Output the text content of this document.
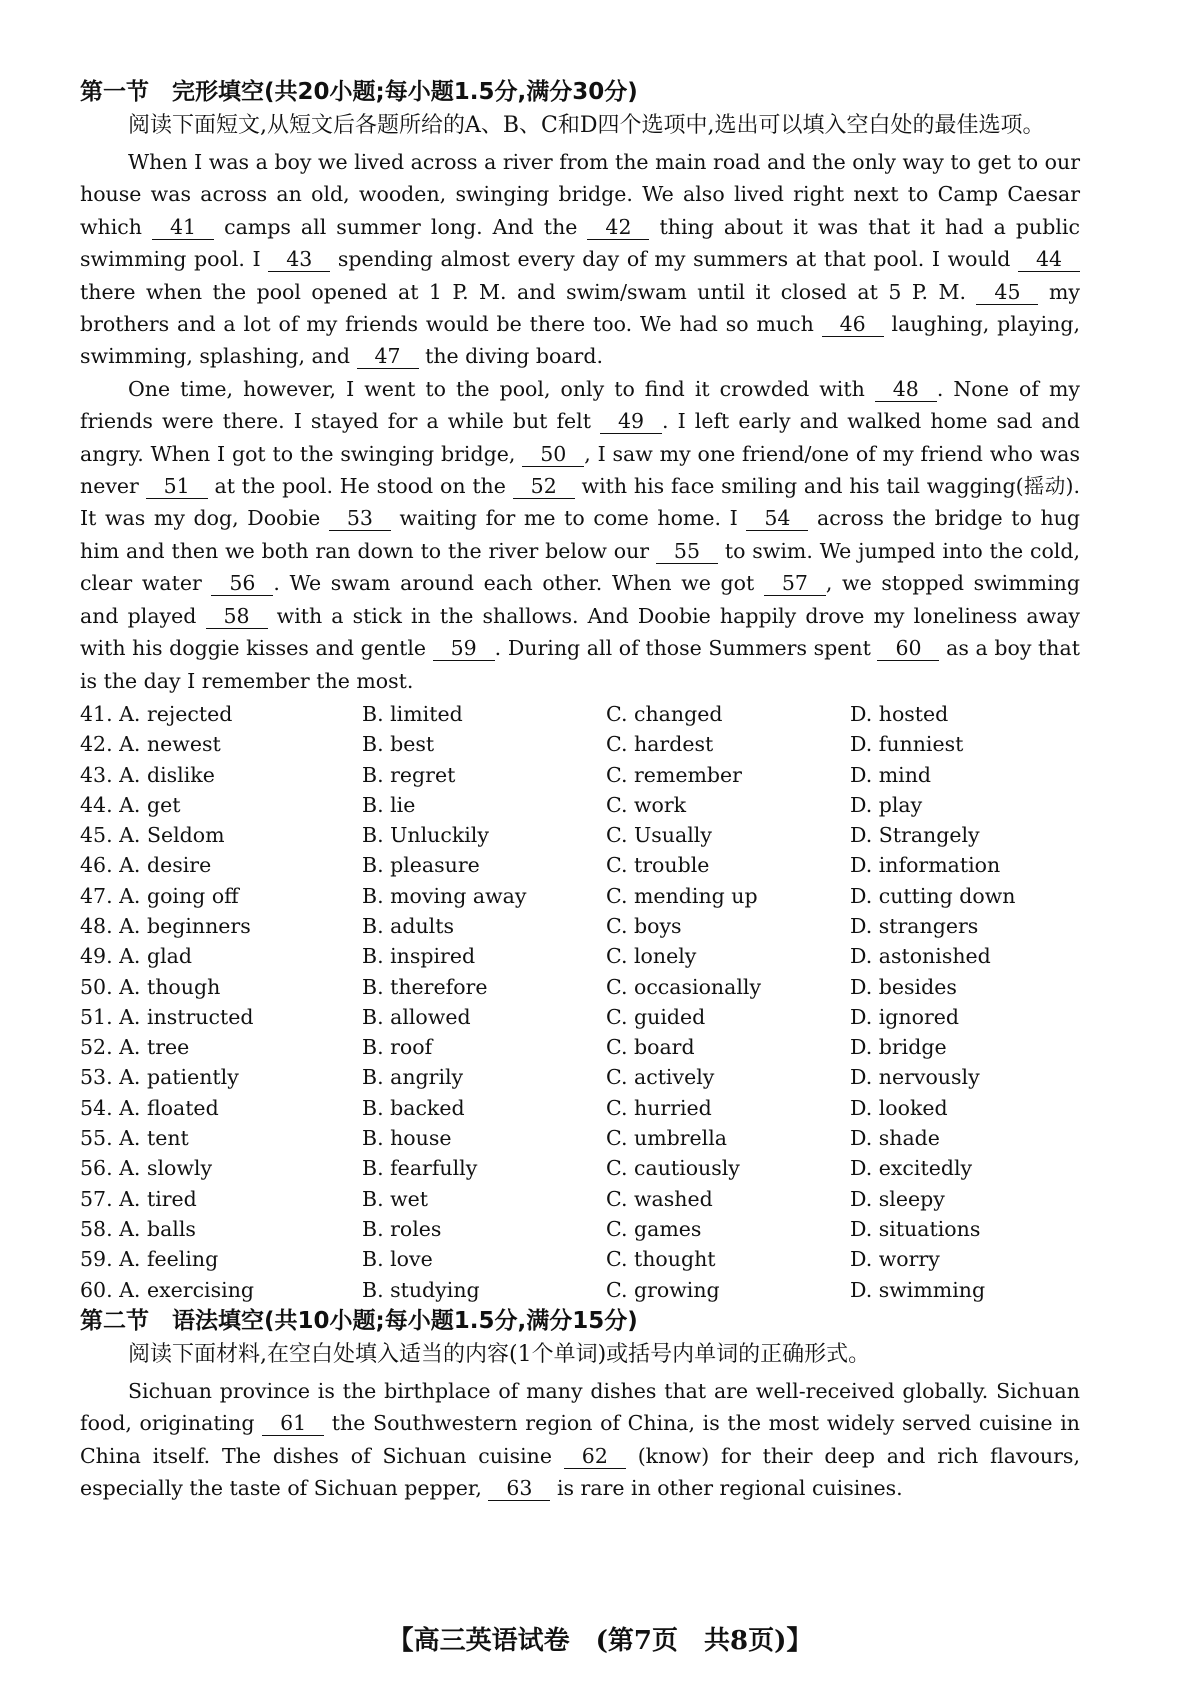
第一节　完形填空(共20小题;每小题1.5分,满分30分)

阅读下面短文,从短文后各题所给的A、B、C和D四个选项中,选出可以填入空白处的最佳选项。

When I was a boy we lived across a river from the main road and the only way to get to our house was across an old, wooden, swinging bridge. We also lived right next to Camp Caesar which 41 camps all summer long. And the 42 thing about it was that it had a public swimming pool. I 43 spending almost every day of my summers at that pool. I would 44 there when the pool opened at 1 P. M. and swim/swam until it closed at 5 P. M. 45 my brothers and a lot of my friends would be there too. We had so much 46 laughing, playing, swimming, splashing, and 47 the diving board.

One time, however, I went to the pool, only to find it crowded with 48 . None of my friends were there. I stayed for a while but felt 49 . I left early and walked home sad and angry. When I got to the swinging bridge, 50 , I saw my one friend/one of my friend who was never 51 at the pool. He stood on the 52 with his face smiling and his tail wagging(摇动). It was my dog, Doobie 53 waiting for me to come home. I 54 across the bridge to hug him and then we both ran down to the river below our 55 to swim. We jumped into the cold, clear water 56 . We swam around each other. When we got 57 , we stopped swimming and played 58 with a stick in the shallows. And Doobie happily drove my loneliness away with his doggie kisses and gentle 59 . During all of those Summers spent 60 as a boy that is the day I remember the most.

41. A. rejected	B. limited	C. changed	D. hosted
42. A. newest	B. best	C. hardest	D. funniest
43. A. dislike	B. regret	C. remember	D. mind
44. A. get	B. lie	C. work	D. play
45. A. Seldom	B. Unluckily	C. Usually	D. Strangely
46. A. desire	B. pleasure	C. trouble	D. information
47. A. going off	B. moving away	C. mending up	D. cutting down
48. A. beginners	B. adults	C. boys	D. strangers
49. A. glad	B. inspired	C. lonely	D. astonished
50. A. though	B. therefore	C. occasionally	D. besides
51. A. instructed	B. allowed	C. guided	D. ignored
52. A. tree	B. roof	C. board	D. bridge
53. A. patiently	B. angrily	C. actively	D. nervously
54. A. floated	B. backed	C. hurried	D. looked
55. A. tent	B. house	C. umbrella	D. shade
56. A. slowly	B. fearfully	C. cautiously	D. excitedly
57. A. tired	B. wet	C. washed	D. sleepy
58. A. balls	B. roles	C. games	D. situations
59. A. feeling	B. love	C. thought	D. worry
60. A. exercising	B. studying	C. growing	D. swimming
第二节　语法填空(共10小题;每小题1.5分,满分15分)

阅读下面材料,在空白处填入适当的内容(1个单词)或括号内单词的正确形式。

Sichuan province is the birthplace of many dishes that are well-received globally. Sichuan food, originating 61 the Southwestern region of China, is the most widely served cuisine in China itself. The dishes of Sichuan cuisine 62 (know) for their deep and rich flavours, especially the taste of Sichuan pepper, 63 is rare in other regional cuisines.

【高三英语试卷　(第7页　共8页)】
